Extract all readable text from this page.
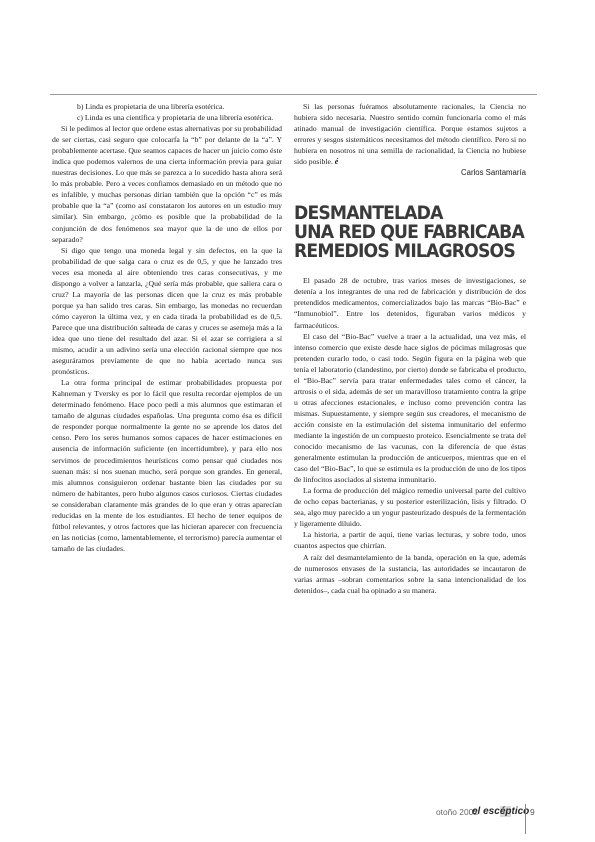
b) Linda es propietaria de una librería esotérica.

c) Linda es una científica y propietaria de una librería esotérica.

Si le pedimos al lector que ordene estas alternativas por su probabilidad de ser ciertas, casi seguro que colocarfa la “b” por delante de la “a”. Y probablemente acertase. Que seamos capaces de hacer un juicio como éste indica que podemos valernos de una cierta información previa para guiar nuestras decisiones. Lo que más se parezca a lo sucedido hasta ahora será lo más probable. Pero a veces confiamos demasiado en un método que no es infalible, y muchas personas dirían también que la opción “c” es más probable que la “a” (como así constataron los autores en un estudio muy similar). Sin embargo, ¿cómo es posible que la probabilidad de la conjunción de dos fenómenos sea mayor que la de uno de ellos por separado?

Si digo que tengo una moneda legal y sin defectos, en la que la probabilidad de que salga cara o cruz es de 0,5, y que he lanzado tres veces esa moneda al aire obteniendo tres caras consecutivas, y me dispongo a volver a lanzarla, ¿Qué sería más probable, que saliera cara o cruz? La mayoría de las personas dicen que la cruz es más probable porque ya han salido tres caras. Sin embargo, las monedas no recuerdan cómo cayeron la última vez, y en cada tirada la probabilidad es de 0,5. Parece que una distribución salteada de caras y cruces se asemeja más a la idea que uno tiene del resultado del azar. Si el azar se corrigiera a sí mismo, acudir a un adivino sería una elección racional siempre que nos aseguráramos previamente de que no había acertado nunca sus pronósticos.

La otra forma principal de estimar probabilidades propuesta por Kahneman y Tversky es por lo fácil que resulta recordar ejemplos de un determinado fenómeno. Hace poco pedí a mis alumnos que estimaran el tamaño de algunas ciudades españolas. Una pregunta como ésa es difícil de responder porque normalmente la gente no se aprende los datos del censo. Pero los seres humanos somos capaces de hacer estimaciones en ausencia de información suficiente (en incertidumbre), y para ello nos servimos de procedimientos heurísticos como pensar qué ciudades nos suenan más: si nos suenan mucho, será porque son grandes. En general, mis alumnos consiguieron ordenar bastante bien las ciudades por su número de habitantes, pero hubo algunos casos curiosos. Ciertas ciudades se consideraban claramente más grandes de lo que eran y otras aparecían reducidas en la mente de los estudiantes. El hecho de tener equipos de fútbol relevantes, y otros factores que las hicieran aparecer con frecuencia en las noticias (como, lamentablemente, el terrorismo) parecía aumentar el tamaño de las ciudades.

Si las personas fuéramos absolutamente racionales, la Ciencia no hubiera sido necesaria. Nuestro sentido común funcionaría como el más atinado manual de investigación científica. Porque estamos sujetos a errores y sesgos sistemáticos necesitamos del método científico. Pero si no hubiera en nosotros ni una semilla de racionalidad, la Ciencia no hubiese sido posible. é

Carlos Santamaría

DESMANTELADA
UNA RED QUE FABRICABA
REMEDIOS MILAGROSOS

El pasado 28 de octubre, tras varios meses de investigaciones, se detenía a los integrantes de una red de fabricación y distribución de dos pretendidos medicamentos, comercializados bajo las marcas “Bio-Bac” e “Inmunobiol”. Entre los detenidos, figuraban varios médicos y farmacéuticos.

El caso del “Bio-Bac” vuelve a traer a la actualidad, una vez más, el intenso comercio que existe desde hace siglos de pócimas milagrosas que pretenden curarlo todo, o casi todo. Según figura en la página web que tenía el laboratorio (clandestino, por cierto) donde se fabricaba el producto, el “Bio-Bac” servía para tratar enfermedades tales como el cáncer, la artrosis o el sida, además de ser un maravilloso tratamiento contra la gripe u otras afecciones estacionales, e incluso como prevención contra las mismas. Supuestamente, y siempre según sus creadores, el mecanismo de acción consiste en la estimulación del sistema inmunitario del enfermo mediante la ingestión de un compuesto proteico. Esencialmente se trata del conocido mecanismo de las vacunas, con la diferencia de que éstas generalmente estimulan la producción de anticuerpos, mientras que en el caso del “Bio-Bac”, lo que se estimula es la producción de uno de los tipos de linfocitos asociados al sistema inmunitario.

La forma de producción del mágico remedio universal parte del cultivo de ocho cepas bacterianas, y su posterior esterilización, lisis y filtrado. O sea, algo muy parecido a un yogur pasteurizado después de la fermentación y ligeramente diluido.

La historia, a partir de aquí, tiene varias lecturas, y sobre todo, unos cuantos aspectos que chirrían.

A raíz del desmantelamiento de la banda, operación en la que, además de numerosos envases de la sustancia, las autoridades se incautaron de varias armas –sobran comentarios sobre la sana intencionalidad de los detenidos–, cada cual ha opinado a su manera.

otoño 2002
el escéptico 9
